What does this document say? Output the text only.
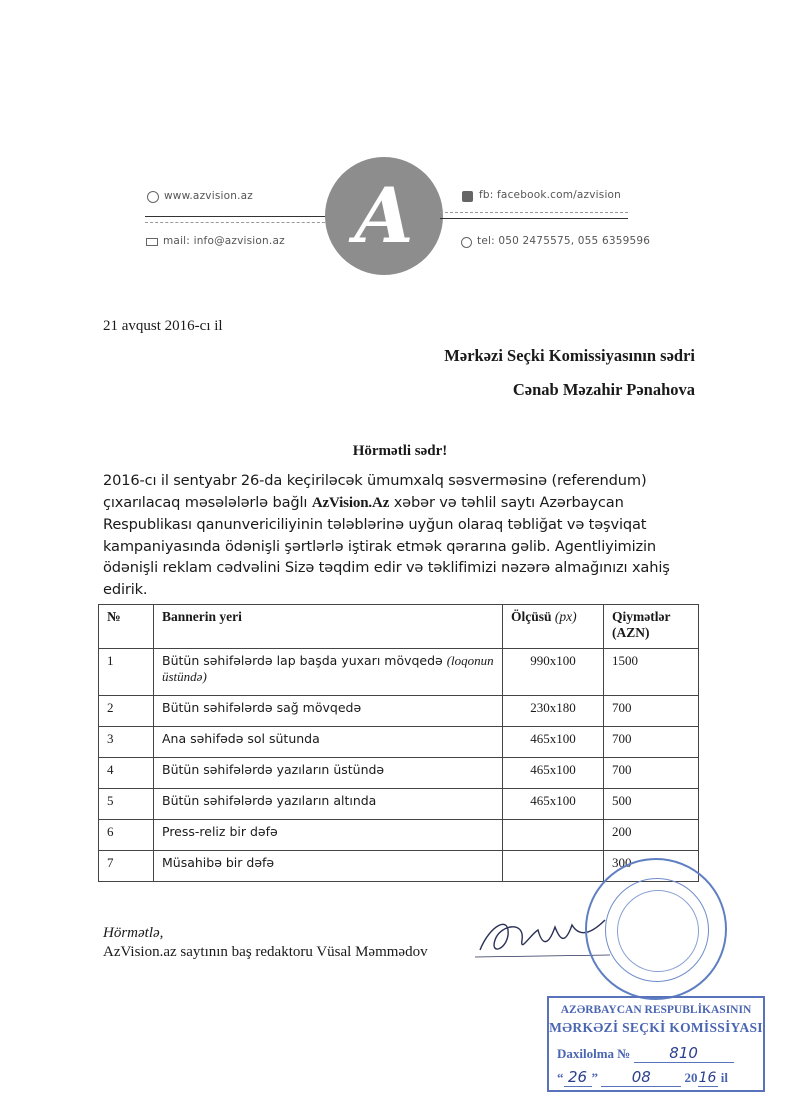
www.azvision.az
mail: info@azvision.az A	fb: facebook.com/azvision
tel: 050 2475575, 055 6359596
21 avqust 2016-cı il
Mərkəzi Seçki Komissiyasının sədri
Cənab Məzahir Pənahova
Hörmətli sədr!
2016-cı il sentyabr 26-da keçiriləcək ümumxalq səsverməsinə (referendum) çıxarılacaq məsələlərlə bağlı AzVision.Az xəbər və təhlil saytı Azərbaycan Respublikası qanunvericiliyinin tələblərinə uyğun olaraq təbliğat və təşviqat kampaniyasında ödənişli şərtlərlə iştirak etmək qərarına gəlib. Agentliyimizin ödənişli reklam cədvəlini Sizə təqdim edir və təklifimizi nəzərə almağınızı xahiş edirik.
№	Bannerin yeri	Ölçüsü (px)	Qiymətlər (AZN)
1	Bütün səhifələrdə lap başda yuxarı mövqedə (loqonun üstündə)	990x100	1500
2	Bütün səhifələrdə sağ mövqedə	230x180	700
3	Ana səhifədə sol sütunda	465x100	700
4	Bütün səhifələrdə yazıların üstündə	465x100	700
5	Bütün səhifələrdə yazıların altında	465x100	500
6	Press-reliz bir dəfə		200
7	Müsahibə bir dəfə		300
Hörmətlə,
AzVision.az saytının baş redaktoru Vüsal Məmmədov
AZƏRBAYCAN RESPUBLİKASININ
MƏRKƏZİ SEÇKİ KOMİSSİYASI
Daxilolma №	810
“ 26 ” 08	2016 il
